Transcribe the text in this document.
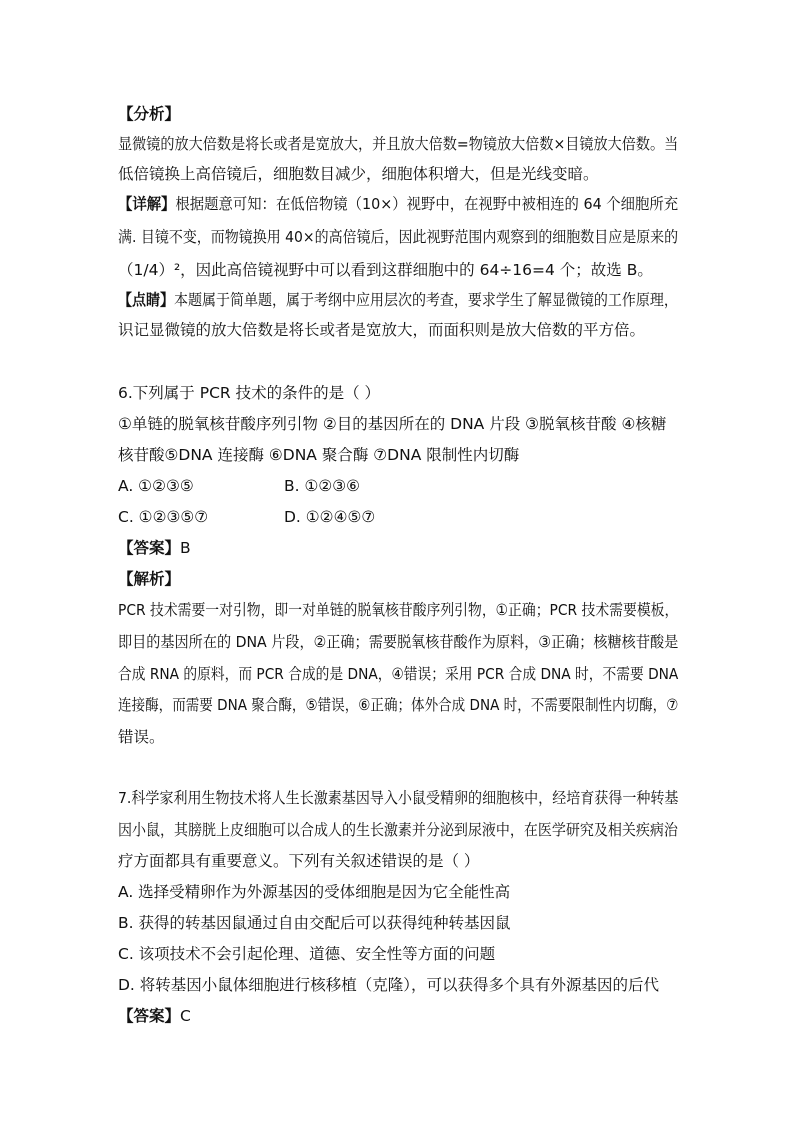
【分析】
显微镜的放大倍数是将长或者是宽放大，并且放大倍数=物镜放大倍数×目镜放大倍数。当
低倍镜换上高倍镜后，细胞数目减少，细胞体积增大，但是光线变暗。
【详解】根据题意可知：在低倍物镜（10×）视野中，在视野中被相连的 64 个细胞所充
满. 目镜不变，而物镜换用 40×的高倍镜后，因此视野范围内观察到的细胞数目应是原来的
（1/4）²，因此高倍镜视野中可以看到这群细胞中的 64÷16=4 个；故选 B。
【点睛】本题属于简单题，属于考纲中应用层次的考查，要求学生了解显微镜的工作原理，
识记显微镜的放大倍数是将长或者是宽放大，而面积则是放大倍数的平方倍。
6.下列属于 PCR 技术的条件的是（ ）
①单链的脱氧核苷酸序列引物 ②目的基因所在的 DNA 片段 ③脱氧核苷酸 ④核糖
核苷酸⑤DNA 连接酶 ⑥DNA 聚合酶 ⑦DNA 限制性内切酶
A. ①②③⑤	B. ①②③⑥
C. ①②③⑤⑦	D. ①②④⑤⑦
【答案】B
【解析】
PCR 技术需要一对引物，即一对单链的脱氧核苷酸序列引物，①正确；PCR 技术需要模板，
即目的基因所在的 DNA 片段，②正确；需要脱氧核苷酸作为原料，③正确；核糖核苷酸是
合成 RNA 的原料，而 PCR 合成的是 DNA，④错误；采用 PCR 合成 DNA 时，不需要 DNA
连接酶，而需要 DNA 聚合酶，⑤错误，⑥正确；体外合成 DNA 时，不需要限制性内切酶，⑦
错误。
7.科学家利用生物技术将人生长激素基因导入小鼠受精卵的细胞核中，经培育获得一种转基
因小鼠，其膀胱上皮细胞可以合成人的生长激素并分泌到尿液中，在医学研究及相关疾病治
疗方面都具有重要意义。下列有关叙述错误的是（ ）
A. 选择受精卵作为外源基因的受体细胞是因为它全能性高
B. 获得的转基因鼠通过自由交配后可以获得纯种转基因鼠
C. 该项技术不会引起伦理、道德、安全性等方面的问题
D. 将转基因小鼠体细胞进行核移植（克隆），可以获得多个具有外源基因的后代
【答案】C
